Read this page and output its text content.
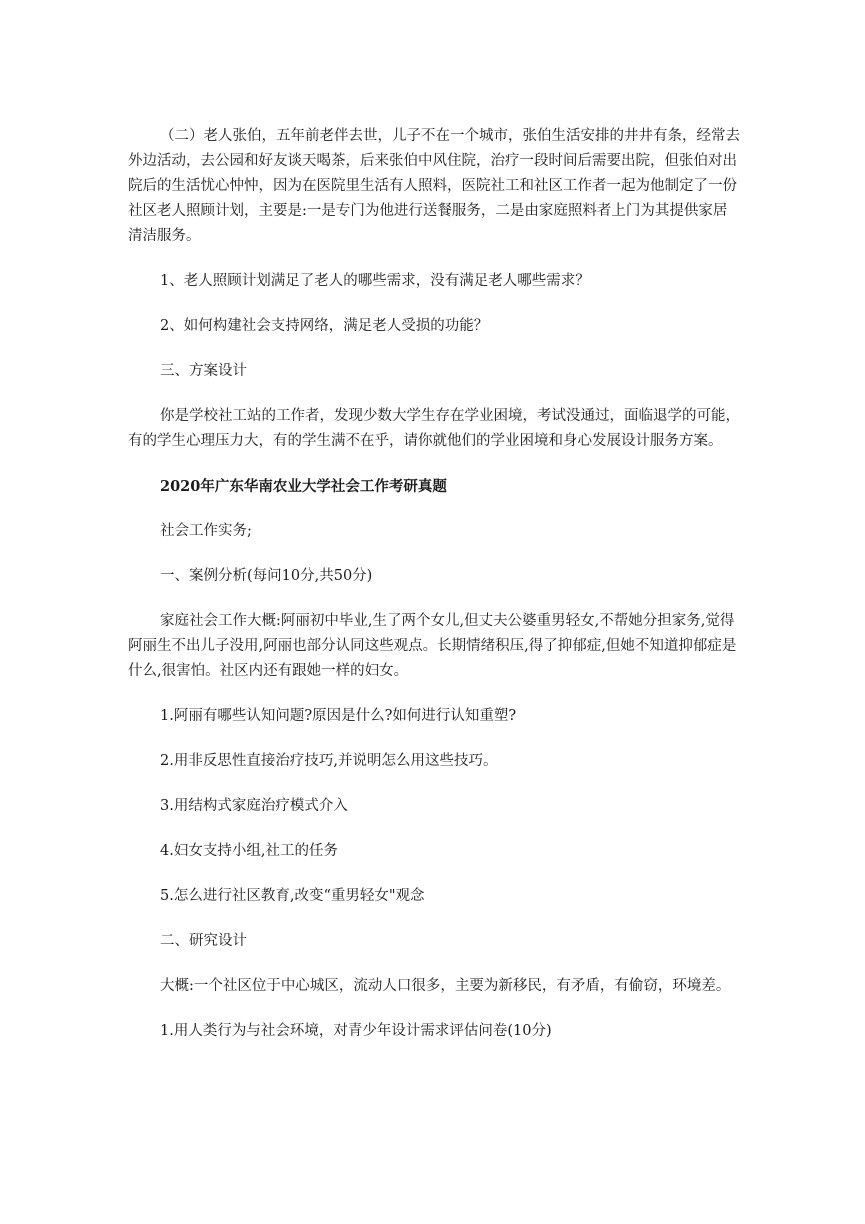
（二）老人张伯，五年前老伴去世，儿子不在一个城市，张伯生活安排的井井有条，经常去外边活动，去公园和好友谈天喝茶，后来张伯中风住院，治疗一段时间后需要出院，但张伯对出院后的生活忧心忡忡，因为在医院里生活有人照料，医院社工和社区工作者一起为他制定了一份社区老人照顾计划，主要是:一是专门为他进行送餐服务，二是由家庭照料者上门为其提供家居清洁服务。

1、老人照顾计划满足了老人的哪些需求，没有满足老人哪些需求？

2、如何构建社会支持网络，满足老人受损的功能？

三、方案设计

你是学校社工站的工作者，发现少数大学生存在学业困境，考试没通过，面临退学的可能，有的学生心理压力大，有的学生满不在乎，请你就他们的学业困境和身心发展设计服务方案。

2020年广东华南农业大学社会工作考研真题

社会工作实务;

一、案例分析(每问10分,共50分)

家庭社会工作大概:阿丽初中毕业,生了两个女儿,但丈夫公婆重男轻女,不帮她分担家务,觉得阿丽生不出儿子没用,阿丽也部分认同这些观点。长期情绪积压,得了抑郁症,但她不知道抑郁症是什么,很害怕。社区内还有跟她一样的妇女。

1.阿丽有哪些认知问题?原因是什么?如何进行认知重塑?

2.用非反思性直接治疗技巧,并说明怎么用这些技巧。

3.用结构式家庭治疗模式介入

4.妇女支持小组,社工的任务

5.怎么进行社区教育,改变“重男轻女"观念

二、研究设计

大概:一个社区位于中心城区，流动人口很多，主要为新移民，有矛盾，有偷窃，环境差。

1.用人类行为与社会环境，对青少年设计需求评估问卷(10分)
